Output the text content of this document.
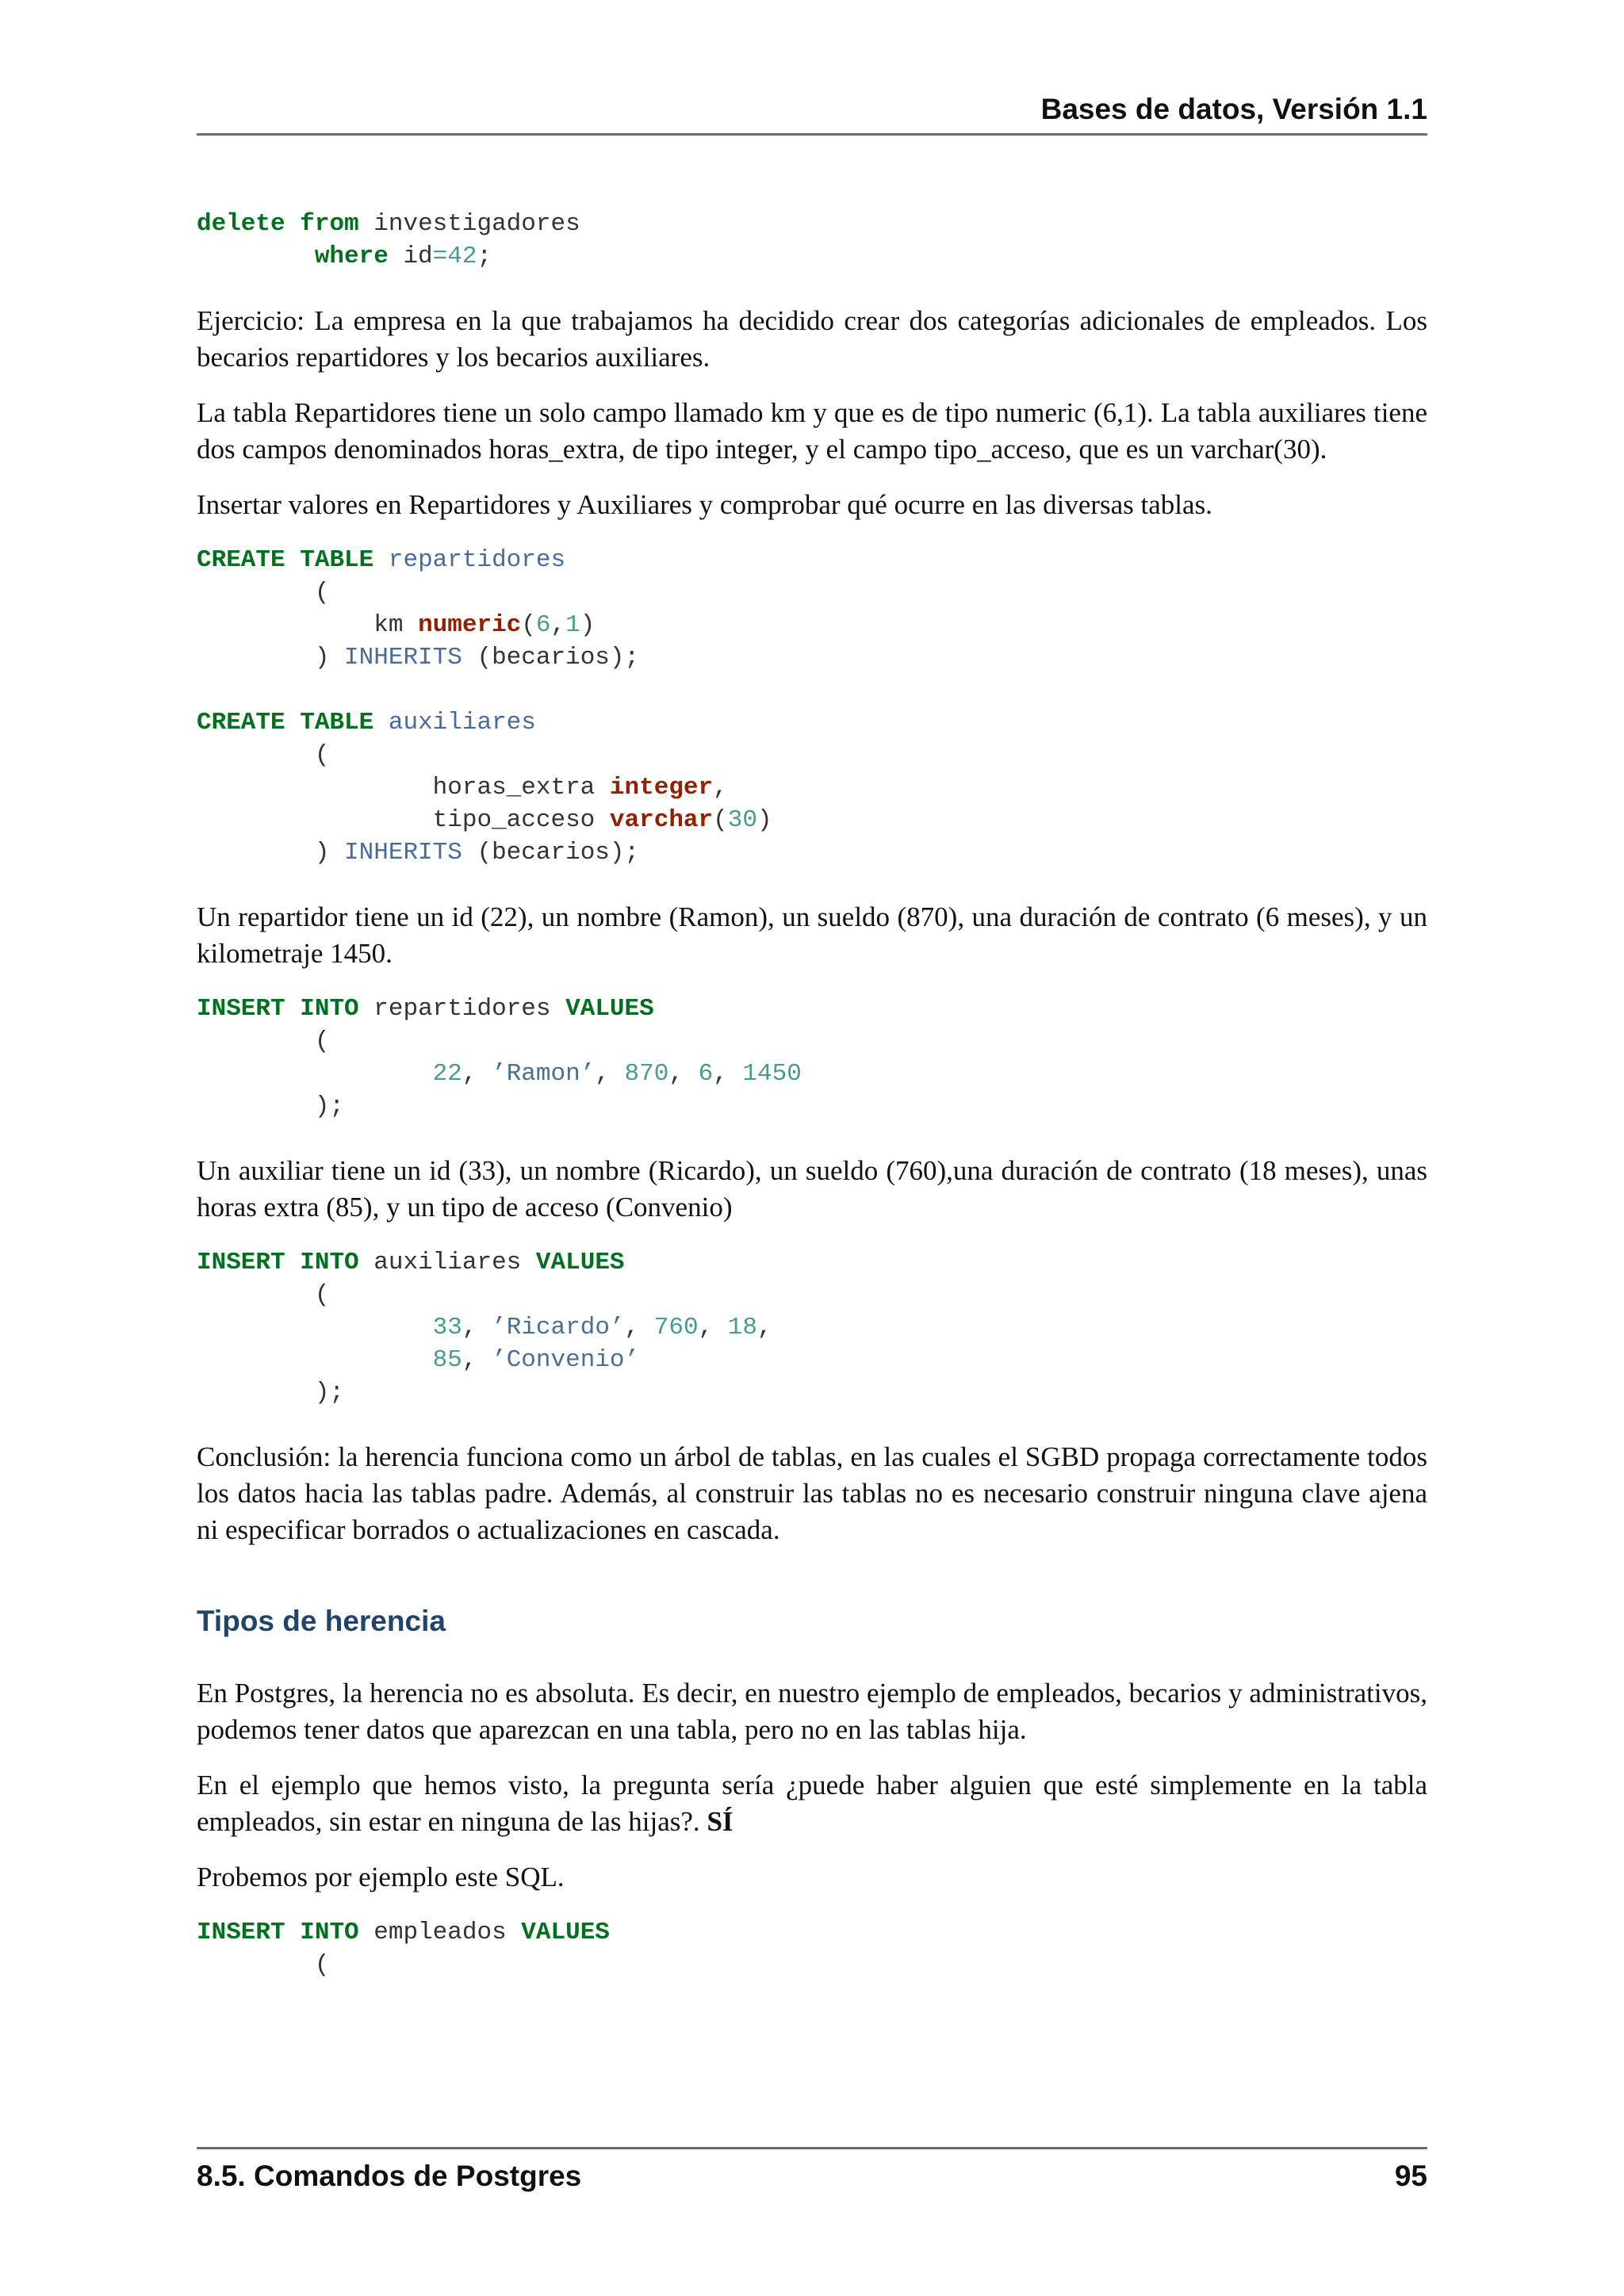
Bases de datos, Versión 1.1
delete from investigadores
where id=42;

Ejercicio: La empresa en la que trabajamos ha decidido crear dos categorías adicionales de empleados. Los becarios repartidores y los becarios auxiliares.

La tabla Repartidores tiene un solo campo llamado km y que es de tipo numeric (6,1). La tabla auxiliares tiene dos campos denominados horas_extra, de tipo integer, y el campo tipo_acceso, que es un varchar(30).

Insertar valores en Repartidores y Auxiliares y comprobar qué ocurre en las diversas tablas.

CREATE TABLE repartidores
(
km numeric(6,1)
) INHERITS (becarios);

CREATE TABLE auxiliares
(
horas_extra integer,
tipo_acceso varchar(30)
) INHERITS (becarios);

Un repartidor tiene un id (22), un nombre (Ramon), un sueldo (870), una duración de contrato (6 meses), y un kilometraje 1450.

INSERT INTO repartidores VALUES
(
22, ’Ramon’, 870, 6, 1450
);

Un auxiliar tiene un id (33), un nombre (Ricardo), un sueldo (760),una duración de contrato (18 meses), unas horas extra (85), y un tipo de acceso (Convenio)

INSERT INTO auxiliares VALUES
(
33, ’Ricardo’, 760, 18,
85, ’Convenio’
);

Conclusión: la herencia funciona como un árbol de tablas, en las cuales el SGBD propaga correctamente todos los datos hacia las tablas padre. Además, al construir las tablas no es necesario construir ninguna clave ajena ni especificar borrados o actualizaciones en cascada.

Tipos de herencia

En Postgres, la herencia no es absoluta. Es decir, en nuestro ejemplo de empleados, becarios y administrativos, podemos tener datos que aparezcan en una tabla, pero no en las tablas hija.

En el ejemplo que hemos visto, la pregunta sería ¿puede haber alguien que esté simplemente en la tabla empleados, sin estar en ninguna de las hijas?. SÍ

Probemos por ejemplo este SQL.

INSERT INTO empleados VALUES
(
8.5. Comandos de Postgres	95
